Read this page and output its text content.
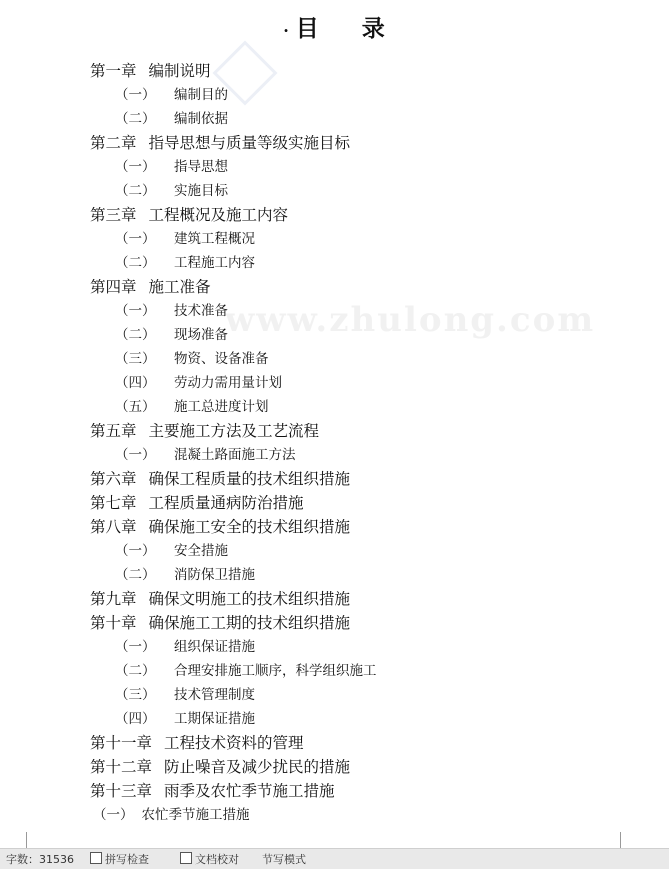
www.zhulong.com
· 目 录
第一章 编制说明
（一） 编制目的
（二） 编制依据
第二章 指导思想与质量等级实施目标
（一） 指导思想
（二） 实施目标
第三章 工程概况及施工内容
（一） 建筑工程概况
（二） 工程施工内容
第四章 施工准备
（一） 技术准备
（二） 现场准备
（三） 物资、设备准备
（四） 劳动力需用量计划
（五） 施工总进度计划
第五章 主要施工方法及工艺流程
（一） 混凝土路面施工方法
第六章 确保工程质量的技术组织措施
第七章 工程质量通病防治措施
第八章 确保施工安全的技术组织措施
（一） 安全措施
（二） 消防保卫措施
第九章 确保文明施工的技术组织措施
第十章 确保施工工期的技术组织措施
（一） 组织保证措施
（二） 合理安排施工顺序，科学组织施工
（三） 技术管理制度
（四） 工期保证措施
第十一章 工程技术资料的管理
第十二章 防止噪音及减少扰民的措施
第十三章 雨季及农忙季节施工措施
（一） 农忙季节施工措施
字数：31536	拼写检查	文档校对 节写模式
